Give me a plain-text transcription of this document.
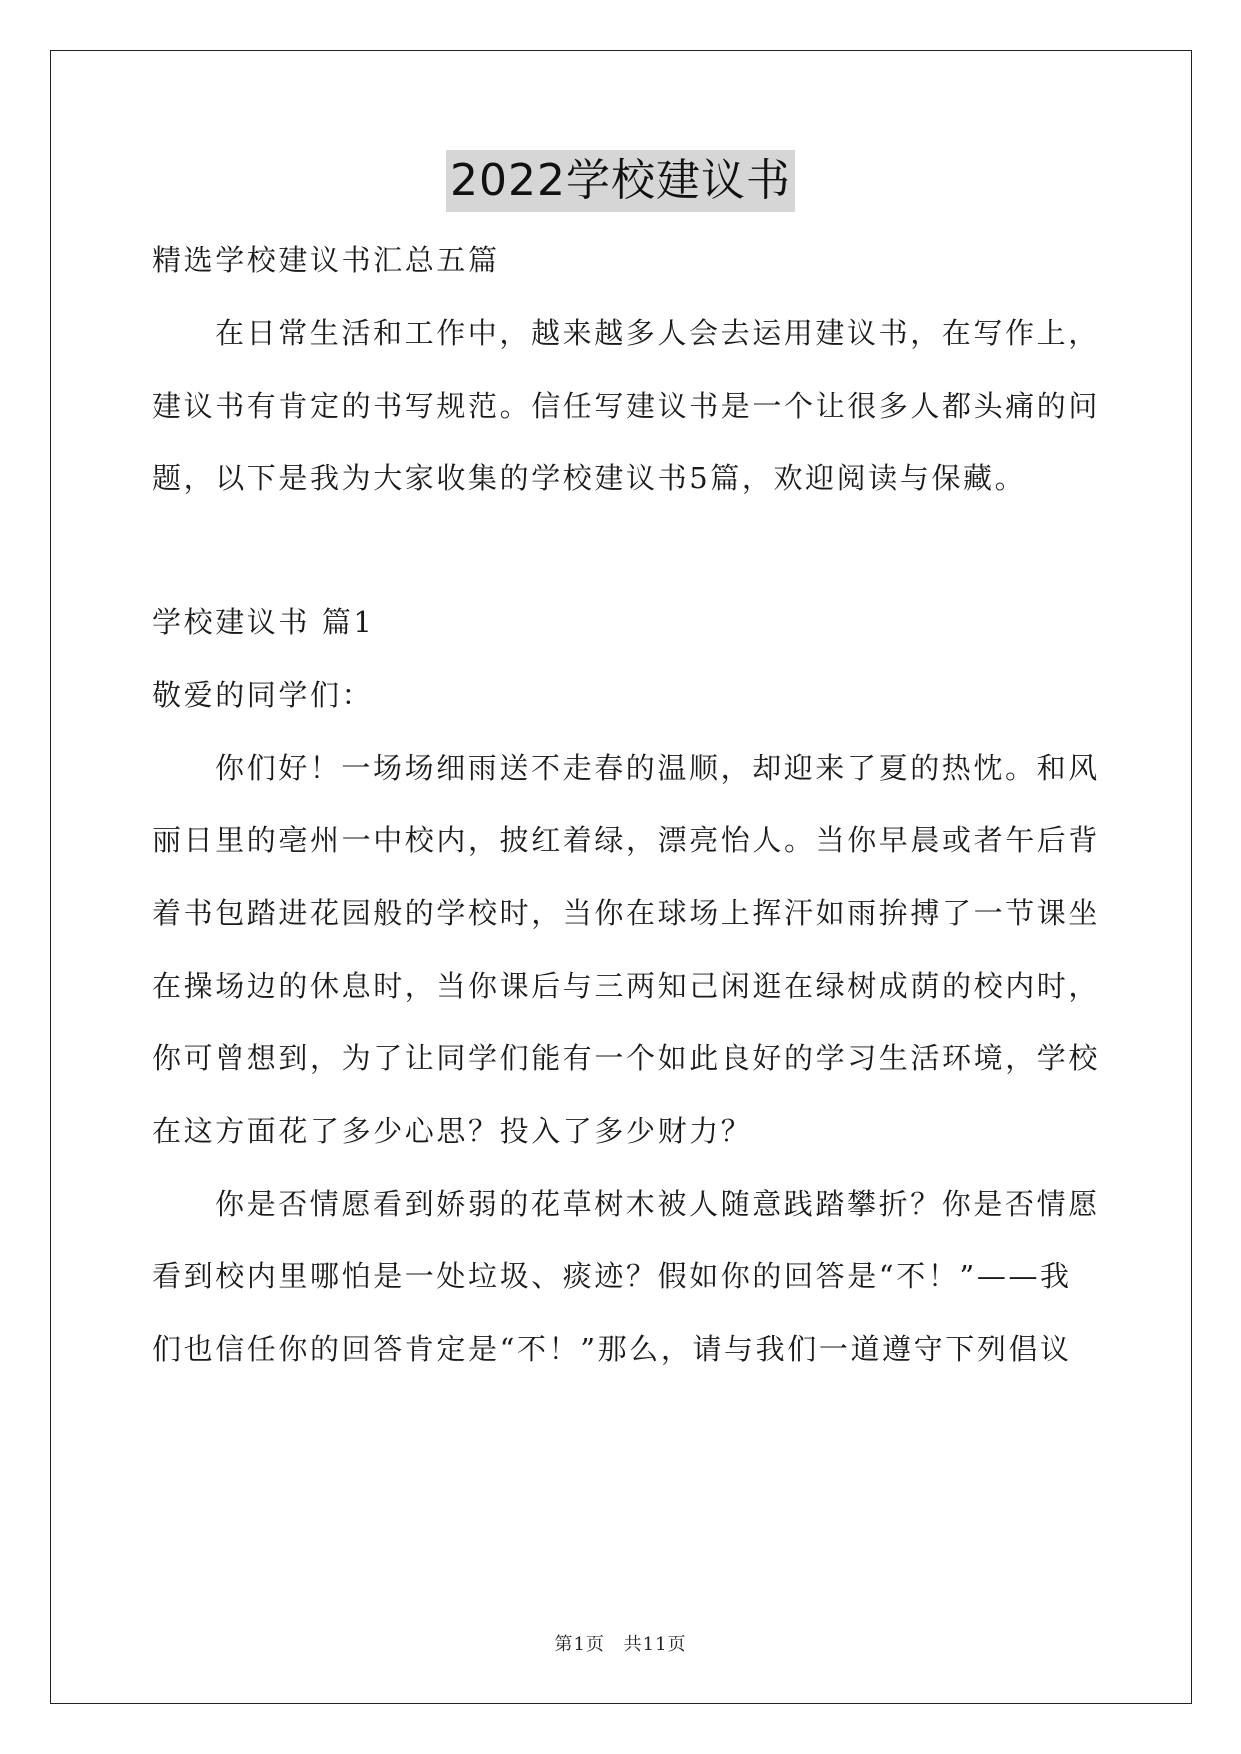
2022学校建议书
精选学校建议书汇总五篇
在日常生活和工作中，越来越多人会去运用建议书，在写作上，
建议书有肯定的书写规范。信任写建议书是一个让很多人都头痛的问
题，以下是我为大家收集的学校建议书5篇，欢迎阅读与保藏。
学校建议书 篇1
敬爱的同学们：
你们好！一场场细雨送不走春的温顺，却迎来了夏的热忱。和风
丽日里的亳州一中校内，披红着绿，漂亮怡人。当你早晨或者午后背
着书包踏进花园般的学校时，当你在球场上挥汗如雨拚搏了一节课坐
在操场边的休息时，当你课后与三两知己闲逛在绿树成荫的校内时，
你可曾想到，为了让同学们能有一个如此良好的学习生活环境，学校
在这方面花了多少心思？投入了多少财力？
你是否情愿看到娇弱的花草树木被人随意践踏攀折？你是否情愿
看到校内里哪怕是一处垃圾、痰迹？假如你的回答是“不！”——我
们也信任你的回答肯定是“不！”那么，请与我们一道遵守下列倡议
第1页 共11页
